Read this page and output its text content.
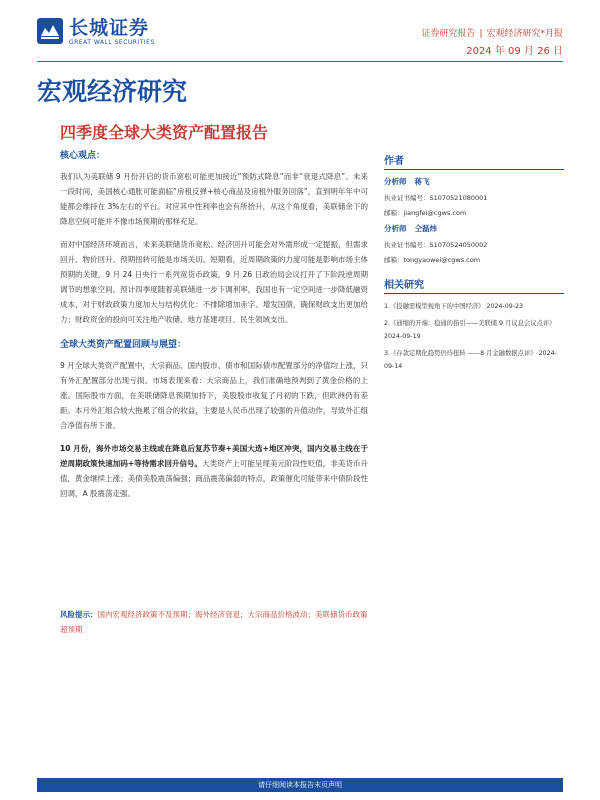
长城证券
GREAT WALL SECURITIES
证券研究报告 | 宏观经济研究*月报
2024 年 09 月 26 日
宏观经济研究
四季度全球大类资产配置报告

核心观点：

我们认为美联储 9 月份开启的货币宽松可能更加接近“预防式降息”而非“衰退式降息”。未来一段时间，美国核心通胀可能面临“房租反弹+核心商品及房租外服务回落”，直到明年年中可能都会维持在 3%左右的平台。对应其中性利率也会有所抬升，从这个角度看，美联储余下的降息空间可能并不像市场预期的那样充足。

而对中国经济环境而言，未来美联储货币宽松、经济回升可能会对外需形成一定提振，但需求回升、物价回升、预期扭转可能是市场关切。短期看，近周期政策的力度可能是影响市场主体预期的关键，9 月 24 日央行一系列宽货币政策，9 月 26 日政治局会议打开了下阶段逆周期调节的想象空间。预计四季度随着美联储进一步下调利率，我国也有一定空间进一步降低融资成本，对于财政政策力度加大与结构优化：不排除增加赤字、增发国债，确保财政支出更加给力；财政资金的投向可关注地产收储、地方基建项目、民生领域支出。

全球大类资产配置回顾与展望：

9 月全球大类资产配置中，大宗商品、国内股市、债市和国际债市配置部分的净值均上涨，只有外汇配置部分出现亏损。市场表现来看：大宗商品上，我们准确地预判到了黄金价格的上涨。国际股市方面，在美联储降息预期加持下，美股股市收复了月初的下跌，但欧洲仍有差距。本月外汇组合较大拖累了组合的收益，主要是人民币出现了较强的升值动作，导致外汇组合净值有所下滑。

10 月份，海外市场交易主线或在降息后复苏节奏+美国大选+地区冲突，国内交易主线在于逆周期政策快速加码+等待需求回升信号。大类资产上可能呈现美元阶段性贬值，非美货币升值，黄金继续上涨；美债美股震荡偏强；商品震荡偏弱的特点，政策催化可能带来中债阶段性回调，A 股震荡走强。

风险提示：国内宏观经济政策不及预期；海外经济衰退；大宗商品价格波动；美联储货币政策超预期
作者
分析师 蒋飞
执业证书编号：S1070521080001
邮箱：jiangfei@cgws.com
分析师 仝磊炜
执业证书编号：S1070524050002
邮箱：tongyaowei@cgws.com
相关研究
1.《投融需模型视角下的中国经济》 2024-09-23
2.《通缩的开端：稳通的指引——美联储 9 月议息会议点评》 2024-09-19
3.《存款定期化趋势仍待扭转 ——8 月金融数据点评》 2024-09-14
请仔细阅读本报告末页声明
